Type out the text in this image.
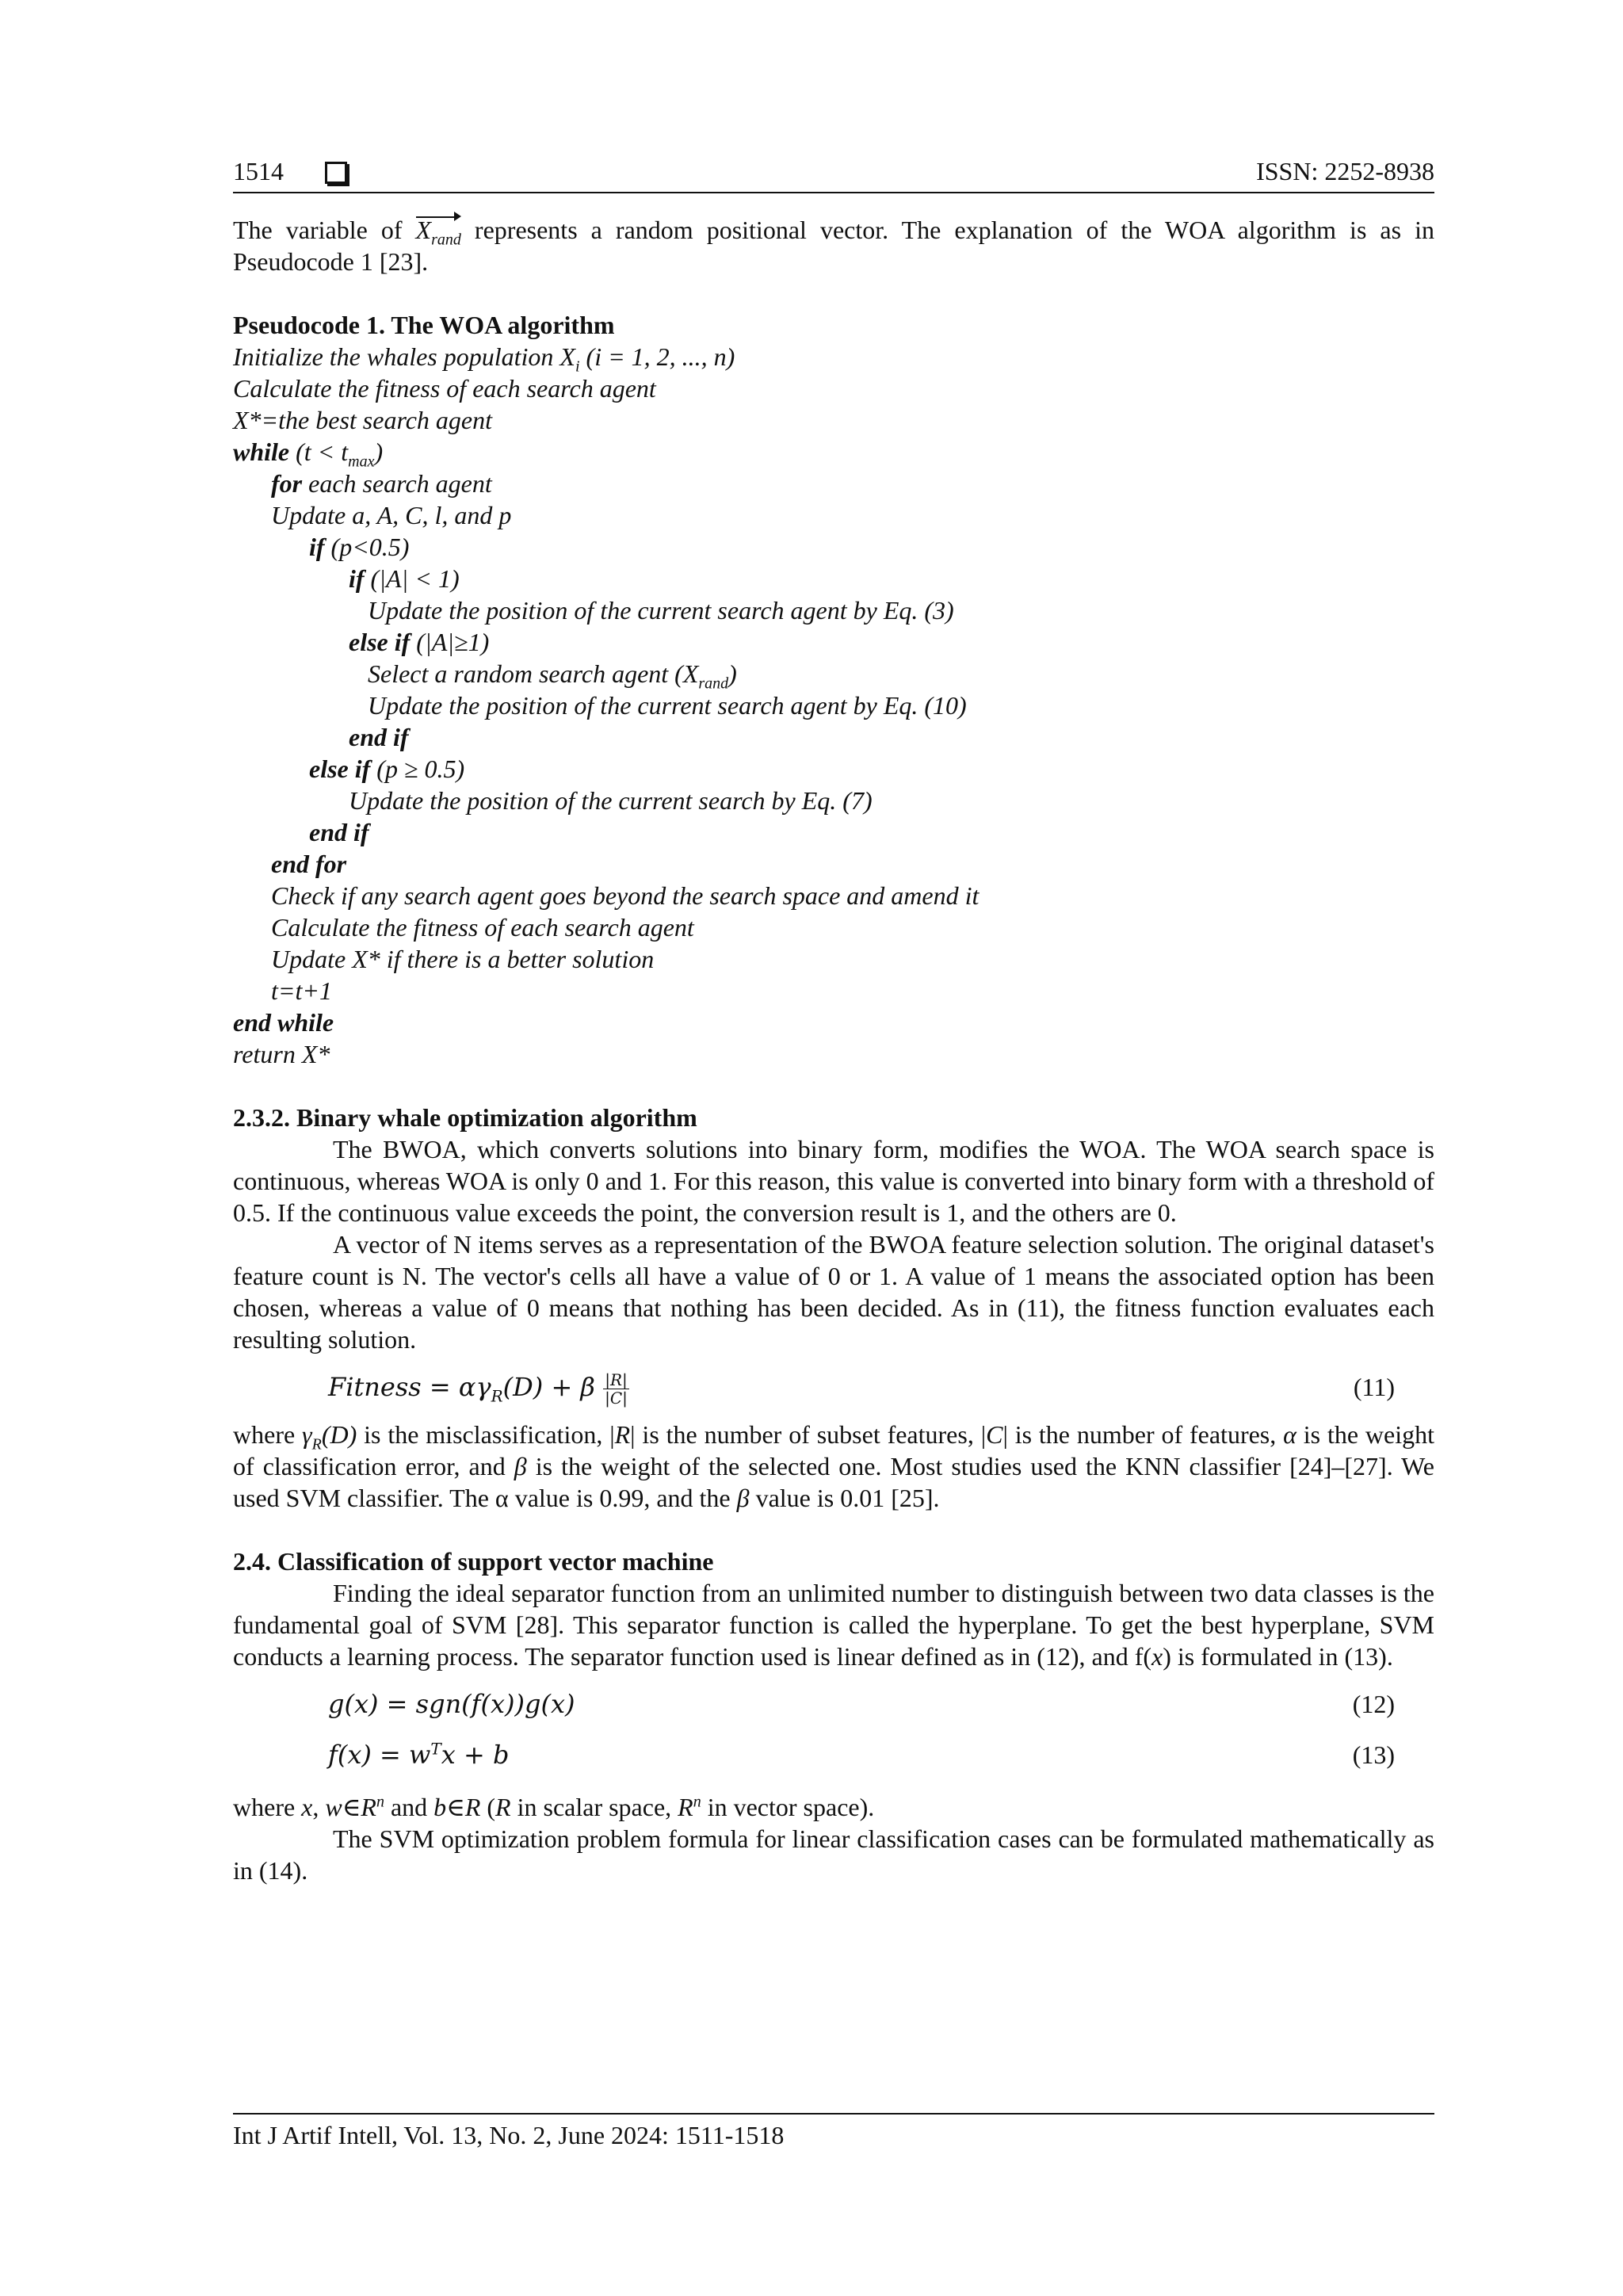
1514	ISSN: 2252-8938

The variable of $X_{rand}$ represents a random positional vector. The explanation of the WOA algorithm is as in Pseudocode 1 [23].

Pseudocode 1. The WOA algorithm
Initialize the whales population $X_i$ (i = 1, 2, ..., n)
Calculate the fitness of each search agent
X*=the best search agent
while $(t < t_{max})$
for each search agent
Update a, A, C, l, and p
if (p<0.5)
if (|A| < 1)
Update the position of the current search agent by Eq. (3)
else if (|A|≥1)
Select a random search agent $(X_{rand})$
Update the position of the current search agent by Eq. (10)
end if
else if (p ≥ 0.5)
Update the position of the current search by Eq. (7)
end if
end for
Check if any search agent goes beyond the search space and amend it
Calculate the fitness of each search agent
Update X* if there is a better solution
t=t+1
end while
return X*

2.3.2. Binary whale optimization algorithm

The BWOA, which converts solutions into binary form, modifies the WOA. The WOA search space is continuous, whereas WOA is only 0 and 1. For this reason, this value is converted into binary form with a threshold of 0.5. If the continuous value exceeds the point, the conversion result is 1, and the others are 0.

A vector of N items serves as a representation of the BWOA feature selection solution. The original dataset's feature count is N. The vector's cells all have a value of 0 or 1. A value of 1 means the associated option has been chosen, whereas a value of 0 means that nothing has been decided. As in (11), the fitness function evaluates each resulting solution.

Fitness = $\alpha\gamma_R(D) + \beta \frac{|R|}{|C|}$	(11)

where $\gamma_R(D)$ is the misclassification, |R| is the number of subset features, |C| is the number of features, α is the weight of classification error, and β is the weight of the selected one. Most studies used the KNN classifier [24]–[27]. We used SVM classifier. The α value is 0.99, and the β value is 0.01 [25].

2.4. Classification of support vector machine

Finding the ideal separator function from an unlimited number to distinguish between two data classes is the fundamental goal of SVM [28]. This separator function is called the hyperplane. To get the best hyperplane, SVM conducts a learning process. The separator function used is linear defined as in (12), and f(x) is formulated in (13).

g(x) = sgn(f(x))g(x)	(12)
$f(x) = w^Tx + b$	(13)

where x, $w\in R^n$ and b∈R (R in scalar space, $R^n$ in vector space).

The SVM optimization problem formula for linear classification cases can be formulated mathematically as in (14).

Int J Artif Intell, Vol. 13, No. 2, June 2024: 1511-1518
